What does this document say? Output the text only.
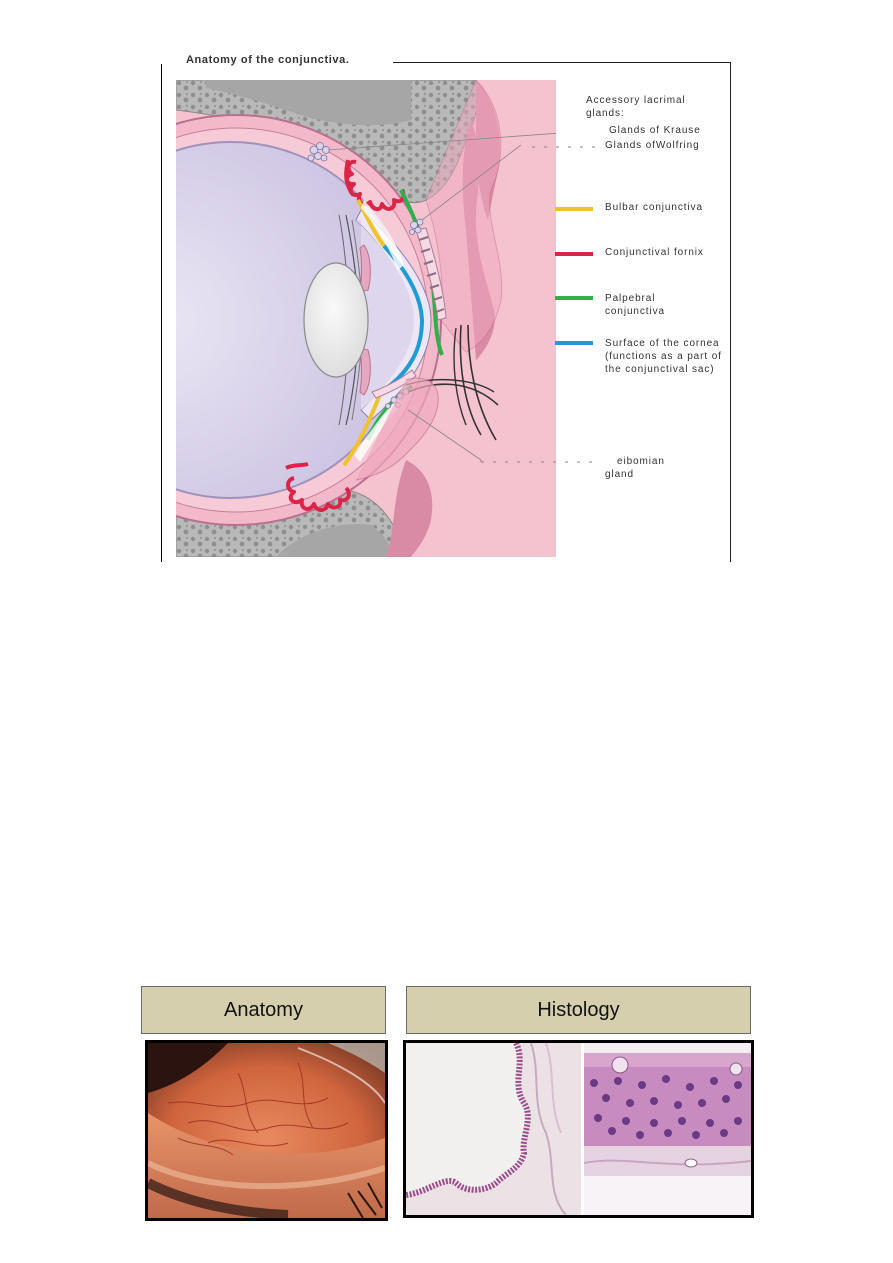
Anatomy of the conjunctiva.
Accessory lacrimal glands:
Glands of Krause
Glands ofWolfring
eibomian gland
Bulbar conjunctiva
Conjunctival fornix
Palpebral conjunctiva
Surface of the cornea (functions as a part of the conjunctival sac)
Anatomy	Histology
